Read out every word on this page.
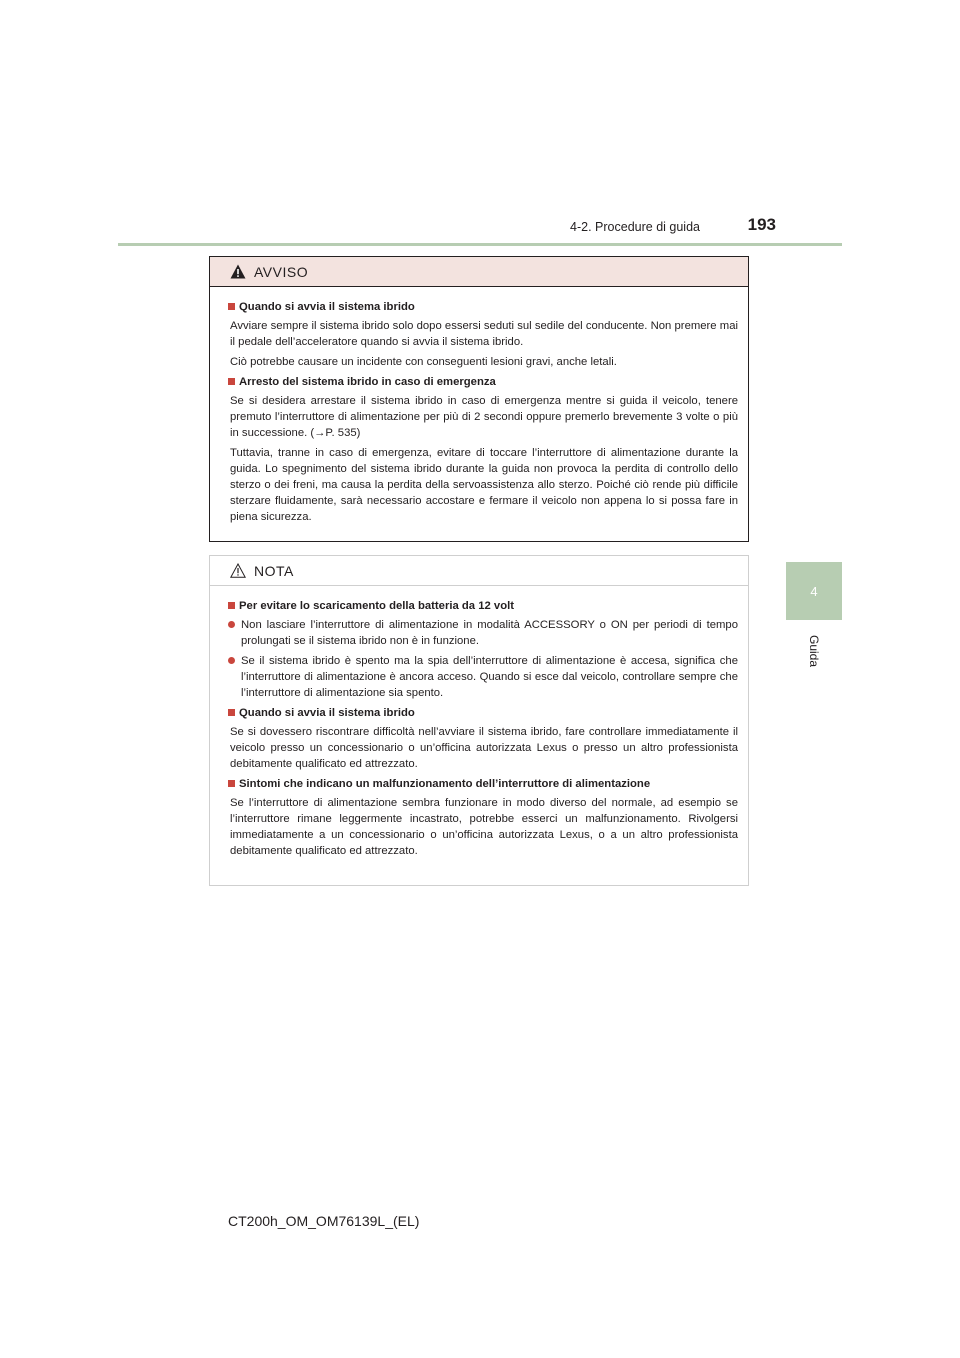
4-2. Procedure di guida	193
4
Guida
AVVISO
Quando si avvia il sistema ibrido
Avviare sempre il sistema ibrido solo dopo essersi seduti sul sedile del conducente. Non premere mai il pedale dell’acceleratore quando si avvia il sistema ibrido.
Ciò potrebbe causare un incidente con conseguenti lesioni gravi, anche letali.
Arresto del sistema ibrido in caso di emergenza
Se si desidera arrestare il sistema ibrido in caso di emergenza mentre si guida il veicolo, tenere premuto l’interruttore di alimentazione per più di 2 secondi oppure premerlo brevemente 3 volte o più in successione. (→P. 535)
Tuttavia, tranne in caso di emergenza, evitare di toccare l’interruttore di alimentazione durante la guida. Lo spegnimento del sistema ibrido durante la guida non provoca la perdita di controllo dello sterzo o dei freni, ma causa la perdita della servoassistenza allo sterzo. Poiché ciò rende più difficile sterzare fluidamente, sarà necessario accostare e fermare il veicolo non appena lo si possa fare in piena sicurezza.
NOTA
Per evitare lo scaricamento della batteria da 12 volt
Non lasciare l’interruttore di alimentazione in modalità ACCESSORY o ON per periodi di tempo prolungati se il sistema ibrido non è in funzione.
Se il sistema ibrido è spento ma la spia dell’interruttore di alimentazione è accesa, significa che l’interruttore di alimentazione è ancora acceso. Quando si esce dal veicolo, controllare sempre che l’interruttore di alimentazione sia spento.
Quando si avvia il sistema ibrido
Se si dovessero riscontrare difficoltà nell’avviare il sistema ibrido, fare controllare immediatamente il veicolo presso un concessionario o un’officina autorizzata Lexus o presso un altro professionista debitamente qualificato ed attrezzato.
Sintomi che indicano un malfunzionamento dell’interruttore di alimentazione
Se l’interruttore di alimentazione sembra funzionare in modo diverso del normale, ad esempio se l’interruttore rimane leggermente incastrato, potrebbe esserci un malfunzionamento. Rivolgersi immediatamente a un concessionario o un’officina autorizzata Lexus, o a un altro professionista debitamente qualificato ed attrezzato.
CT200h_OM_OM76139L_(EL)
